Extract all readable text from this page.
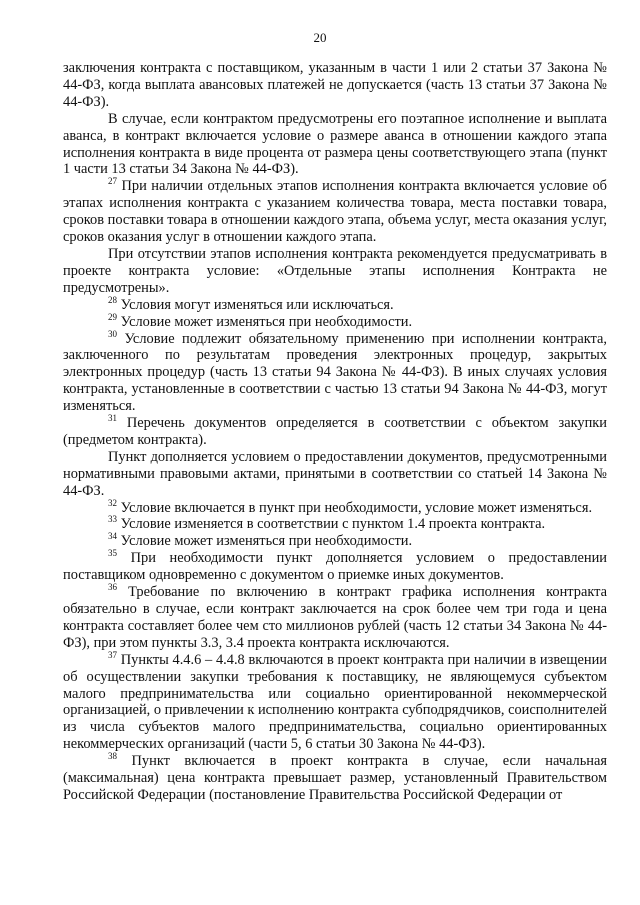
20

заключения контракта с поставщиком, указанным в части 1 или 2 статьи 37 Закона № 44-ФЗ, когда выплата авансовых платежей не допускается (часть 13 статьи 37 Закона № 44-ФЗ).

В случае, если контрактом предусмотрены его поэтапное исполнение и выплата аванса, в контракт включается условие о размере аванса в отношении каждого этапа исполнения контракта в виде процента от размера цены соответствующего этапа (пункт 1 части 13 статьи 34 Закона № 44-ФЗ).

$^{27}$ При наличии отдельных этапов исполнения контракта включается условие об этапах исполнения контракта с указанием количества товара, места поставки товара, сроков поставки товара в отношении каждого этапа, объема услуг, места оказания услуг, сроков оказания услуг в отношении каждого этапа.

При отсутствии этапов исполнения контракта рекомендуется предусматривать в проекте контракта условие: «Отдельные этапы исполнения Контракта не предусмотрены».

$^{28}$ Условия могут изменяться или исключаться.

$^{29}$ Условие может изменяться при необходимости.

$^{30}$ Условие подлежит обязательному применению при исполнении контракта, заключенного по результатам проведения электронных процедур, закрытых электронных процедур (часть 13 статьи 94 Закона № 44-ФЗ). В иных случаях условия контракта, установленные в соответствии с частью 13 статьи 94 Закона № 44-ФЗ, могут изменяться.

$^{31}$ Перечень документов определяется в соответствии с объектом закупки (предметом контракта).

Пункт дополняется условием о предоставлении документов, предусмотренными нормативными правовыми актами, принятыми в соответствии со статьей 14 Закона № 44-ФЗ.

$^{32}$ Условие включается в пункт при необходимости, условие может изменяться.

$^{33}$ Условие изменяется в соответствии с пунктом 1.4 проекта контракта.

$^{34}$ Условие может изменяться при необходимости.

$^{35}$ При необходимости пункт дополняется условием о предоставлении поставщиком одновременно с документом о приемке иных документов.

$^{36}$ Требование по включению в контракт графика исполнения контракта обязательно в случае, если контракт заключается на срок более чем три года и цена контракта составляет более чем сто миллионов рублей (часть 12 статьи 34 Закона № 44-ФЗ), при этом пункты 3.3, 3.4 проекта контракта исключаются.

$^{37}$ Пункты 4.4.6 – 4.4.8 включаются в проект контракта при наличии в извещении об осуществлении закупки требования к поставщику, не являющемуся субъектом малого предпринимательства или социально ориентированной некоммерческой организацией, о привлечении к исполнению контракта субподрядчиков, соисполнителей из числа субъектов малого предпринимательства, социально ориентированных некоммерческих организаций (части 5, 6 статьи 30 Закона № 44-ФЗ).

$^{38}$ Пункт включается в проект контракта в случае, если начальная (максимальная) цена контракта превышает размер, установленный Правительством Российской Федерации (постановление Правительства Российской Федерации от
